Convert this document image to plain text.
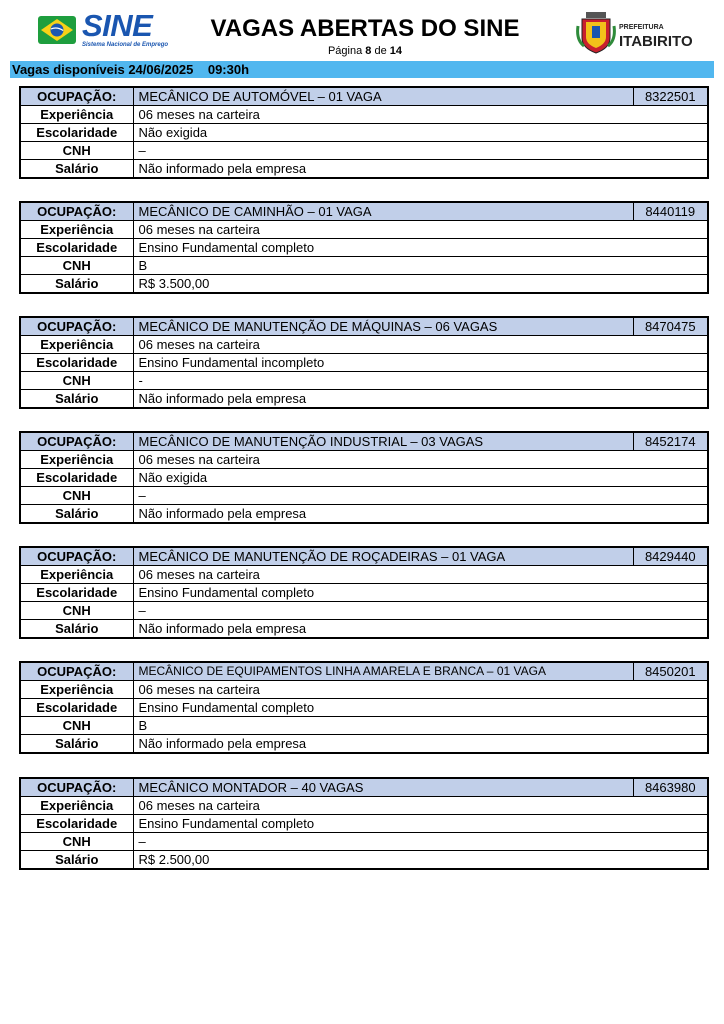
SINE
Sistema Nacional de Emprego
VAGAS ABERTAS DO SINE
Página 8 de 14
PREFEITURA
ITABIRITO
Vagas disponíveis 24/06/2025 09:30h
OCUPAÇÃO:	MECÂNICO DE AUTOMÓVEL – 01 VAGA	8322501
Experiência	06 meses na carteira	
Escolaridade	Não exigida	
CNH	–	
Salário	Não informado pela empresa	
OCUPAÇÃO:	MECÂNICO DE CAMINHÃO – 01 VAGA	8440119
Experiência	06 meses na carteira	
Escolaridade	Ensino Fundamental completo	
CNH	B	
Salário	R$ 3.500,00	
OCUPAÇÃO:	MECÂNICO DE MANUTENÇÃO DE MÁQUINAS – 06 VAGAS	8470475
Experiência	06 meses na carteira	
Escolaridade	Ensino Fundamental incompleto	
CNH	-	
Salário	Não informado pela empresa	
OCUPAÇÃO:	MECÂNICO DE MANUTENÇÃO INDUSTRIAL – 03 VAGAS	8452174
Experiência	06 meses na carteira	
Escolaridade	Não exigida	
CNH	–	
Salário	Não informado pela empresa	
OCUPAÇÃO:	MECÂNICO DE MANUTENÇÃO DE ROÇADEIRAS – 01 VAGA	8429440
Experiência	06 meses na carteira	
Escolaridade	Ensino Fundamental completo	
CNH	–	
Salário	Não informado pela empresa	
OCUPAÇÃO:	MECÂNICO DE EQUIPAMENTOS LINHA AMARELA E BRANCA – 01 VAGA	8450201
Experiência	06 meses na carteira	
Escolaridade	Ensino Fundamental completo	
CNH	B	
Salário	Não informado pela empresa	
OCUPAÇÃO:	MECÂNICO MONTADOR – 40 VAGAS	8463980
Experiência	06 meses na carteira	
Escolaridade	Ensino Fundamental completo	
CNH	–	
Salário	R$ 2.500,00	
